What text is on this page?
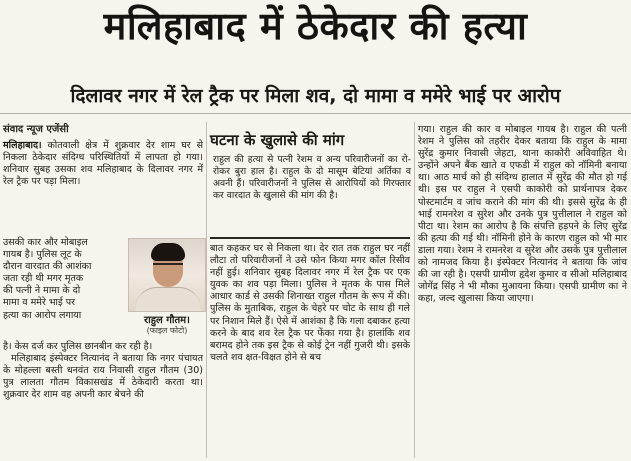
मलिहाबाद में ठेकेदार की हत्या
दिलावर नगर में रेल ट्रैक पर मिला शव, दो मामा व ममेरे भाई पर आरोप
संवाद न्यूज एजेंसी

मलिहाबाद। कोतवाली क्षेत्र में शुक्रवार देर शाम घर से निकला ठेकेदार संदिग्ध परिस्थितियों में लापता हो गया। शनिवार सुबह उसका शव मलिहाबाद के दिलावर नगर में रेल ट्रैक पर पड़ा मिला।

उसकी कार और मोबाइल
गायब है। पुलिस लूट के
दौरान वारदात की आशंका
जता रही थी मगर मृतक
की पत्नी ने मामा के दो
मामा व ममेरे भाई पर
हत्या का आरोप लगाया

है। केस दर्ज कर पुलिस छानबीन कर रही है।

मलिहाबाद इंस्पेक्टर नित्यानंद ने बताया कि नगर पंचायत के मोहल्ला बस्ती धनवंत राय निवासी राहुल गौतम (30) पुत्र लालता गौतम विकासखंड में ठेकेदारी करता था। शुक्रवार देर शाम वह अपनी कार बेचने की

राहुल गौतम।
(फाइल फोटो)
घटना के खुलासे की मांग
राहुल की हत्या से पत्नी रेशम व अन्य परिवारीजनों का रो-रोकर बुरा हाल है। राहुल के दो मासूम बेटियां अर्तिका व अवनी हैं। परिवारीजनों ने पुलिस से आरोपियों को गिरफ्तार कर वारदात के खुलासे की मांग की है।
बात कहकर घर से निकला था। देर रात तक राहुल घर नहीं लौटा तो परिवारीजनों ने उसे फोन किया मगर कॉल रिसीव नहीं हुई। शनिवार सुबह दिलावर नगर में रेल ट्रैक पर एक युवक का शव पड़ा मिला। पुलिस ने मृतक के पास मिले आधार कार्ड से उसकी शिनाख्त राहुल गौतम के रूप में की। पुलिस के मुताबिक, राहुल के चेहरे पर चोट के साथ ही गले पर निशान मिले हैं। ऐसे में आशंका है कि गला दबाकर हत्या करने के बाद शव रेल ट्रैक पर फेंका गया है। हालांकि शव बरामद होने तक इस ट्रैक से कोई ट्रेन नहीं गुजरी थी। इसके चलते शव क्षत-विक्षत होने से बच
गया। राहुल की कार व मोबाइल गायब है। राहुल की पत्नी रेशम ने पुलिस को तहरीर देकर बताया कि राहुल के मामा सुरेंद्र कुमार निवासी जेहटा, थाना काकोरी अविवाहित थे। उन्होंने अपने बैंक खाते व एफडी में राहुल को नॉमिनी बनाया था। आठ मार्च को ही संदिग्ध हालात में सुरेंद्र की मौत हो गई थी। इस पर राहुल ने एसपी काकोरी को प्रार्थनापत्र देकर पोस्टमार्टम व जांच कराने की मांग की थी। इससे सुरेंद्र के ही भाई रामनरेश व सुरेश और उनके पुत्र पुत्तीलाल ने राहुल को पीटा था। रेशम का आरोप है कि संपत्ति हड़पने के लिए सुरेंद्र की हत्या की गई थी। नॉमिनी होने के कारण राहुल को भी मार डाला गया। रेशम ने रामनरेश व सुरेश और उसके पुत्र पुत्तीलाल को नामजद किया है। इंस्पेक्टर नित्यानंद ने बताया कि जांच की जा रही है। एसपी ग्रामीण हृदेश कुमार व सीओ मलिहाबाद जोगेंद्र सिंह ने भी मौका मुआयना किया। एसपी ग्रामीण का ने कहा, जल्द खुलासा किया जाएगा।
